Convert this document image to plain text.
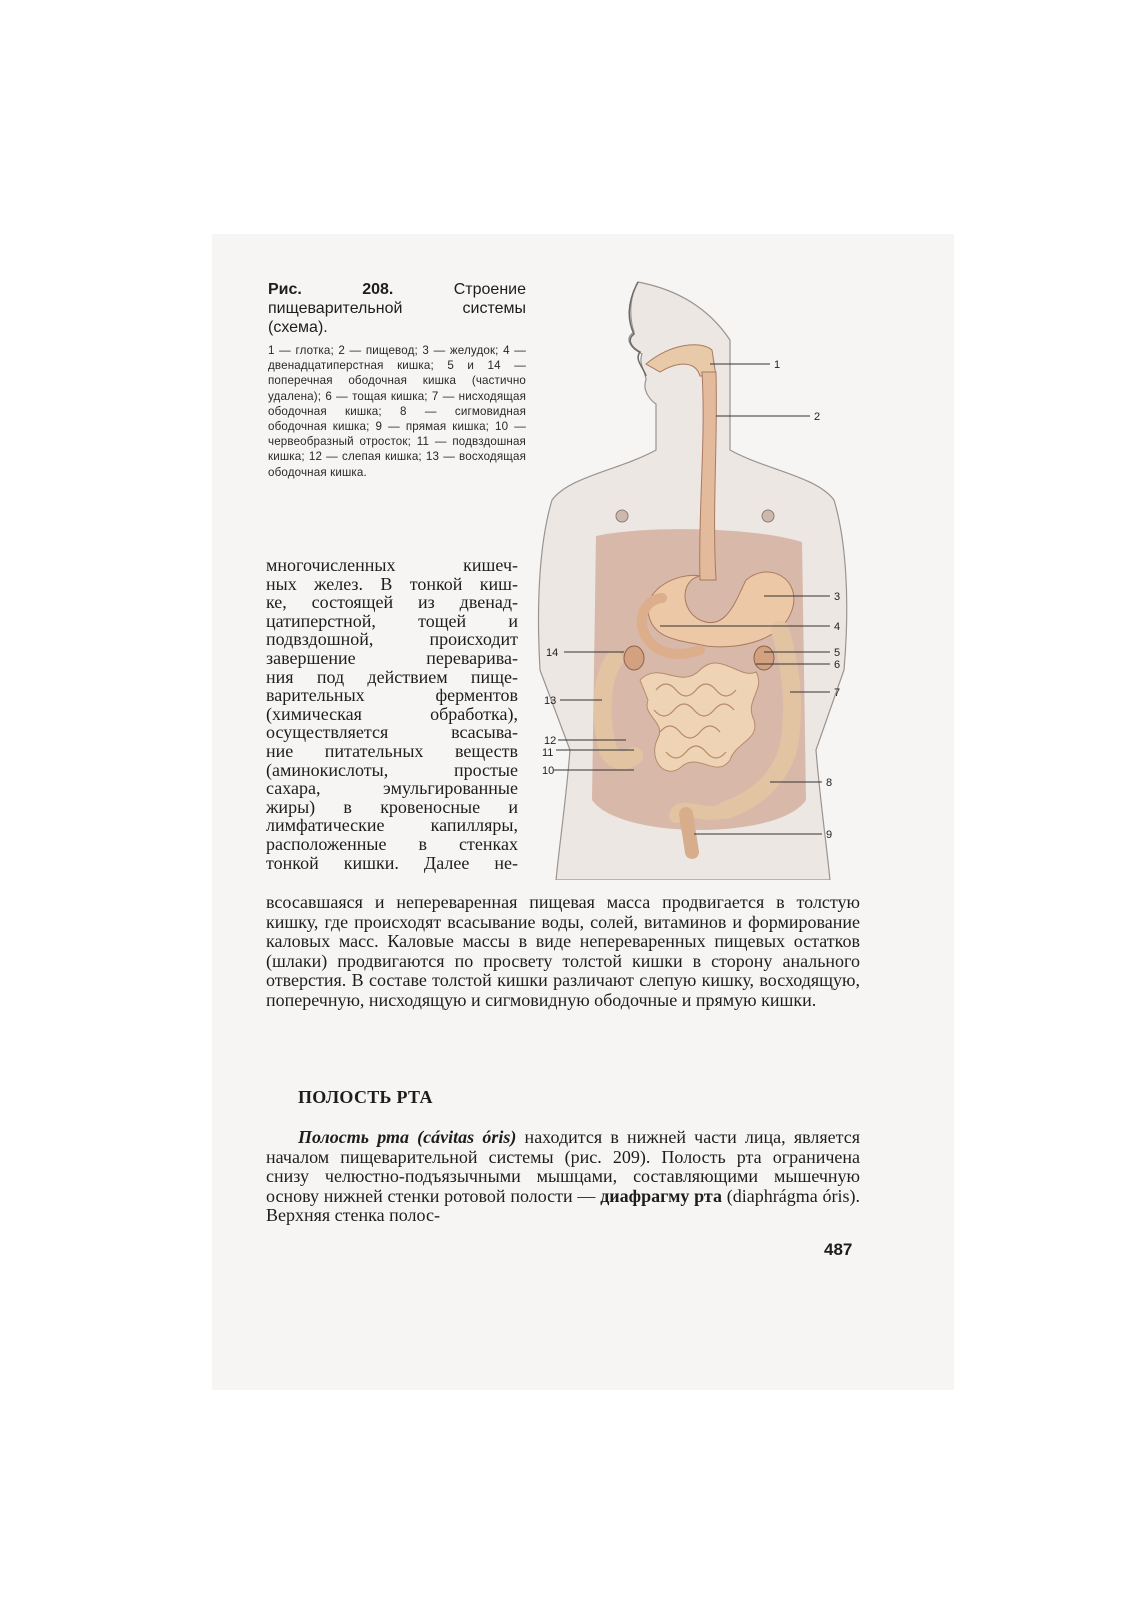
Рис. 208.	Строение пищеварительной системы (схема).
1 — глотка; 2 — пищевод; 3 — желудок; 4 — двенадцатиперстная кишка; 5 и 14 — поперечная ободочная кишка (частично удалена); 6 — тощая кишка; 7 — нисходящая ободочная кишка; 8 — сигмовидная ободочная кишка; 9 — прямая кишка; 10 — червеобразный отросток; 11 — подвздошная кишка; 12 — слепая кишка; 13 — восходящая ободочная кишка.
1
2
3
4
5
6
7
8
9
14
13
12
11
10
многочисленных кишеч-
ных желез. В тонкой киш-
ке, состоящей из двенад-
цатиперстной, тощей и
подвздошной, происходит
завершение переварива-
ния под действием пище-
варительных ферментов
(химическая обработка),
осуществляется всасыва-
ние питательных веществ
(аминокислоты, простые
сахара, эмульгированные
жиры) в кровеносные и
лимфатические капилляры,
расположенные в стенках
тонкой кишки. Далее не-
всосавшаяся и непереваренная пищевая масса продвигается в толстую кишку, где происходят всасывание воды, солей, витаминов и формирование каловых масс. Каловые массы в виде непереваренных пищевых остатков (шлаки) продвигаются по просвету толстой кишки в сторону анального отверстия. В составе толстой кишки различают слепую кишку, восходящую, поперечную, нисходящую и сигмовидную ободочные и прямую кишки.
ПОЛОСТЬ РТА
Полость рта (cávitas óris) находится в нижней части лица, является началом пищеварительной системы (рис. 209). Полость рта ограничена снизу челюстно-подъязычными мышцами, составляющими мышечную основу нижней стенки ротовой полости — диафрагму рта (diaphrágma óris). Верхняя стенка полос-
487
